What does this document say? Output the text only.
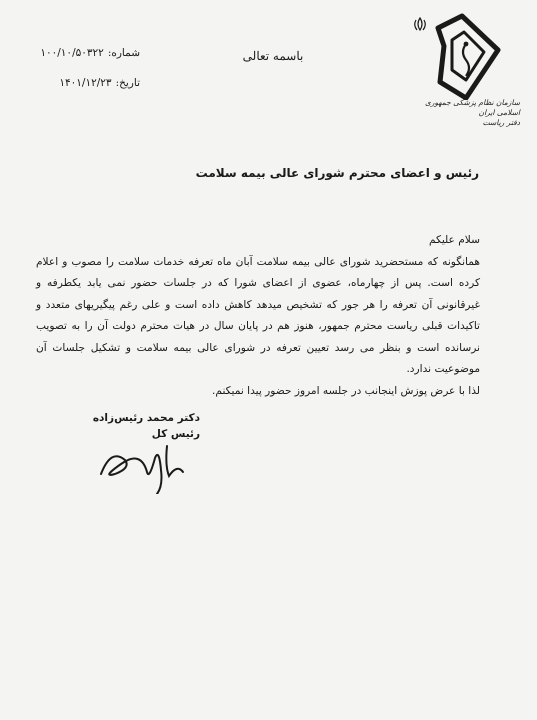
سازمان نظام پزشکی جمهوری اسلامی ایران
دفتر ریاست
باسمه تعالی
شماره:
۱۰۰/۱۰/۵۰۳۲۲
تاریخ:
۱۴۰۱/۱۲/۲۳
رئیس و اعضای محترم شورای عالی بیمه سلامت
سلام علیکم
همانگونه که مستحضرید شورای عالی بیمه سلامت آبان ماه تعرفه خدمات سلامت را مصوب و اعلام کرده است. پس از چهارماه، عضوی از اعضای شورا که در جلسات حضور نمی یابد یکطرفه و غیرقانونی آن تعرفه را هر جور که تشخیص میدهد کاهش داده است و علی رغم پیگیریهای متعدد و تاکیدات قبلی ریاست محترم جمهور، هنوز هم در پایان سال در هیات محترم دولت آن را به تصویب نرسانده است و بنظر می رسد تعیین تعرفه در شورای عالی بیمه سلامت و تشکیل جلسات آن موضوعیت ندارد.
لذا با عرض پوزش اینجانب در جلسه امروز حضور پیدا نمیکنم.
دکتر محمد رئیس‌زاده
رئیس کل
